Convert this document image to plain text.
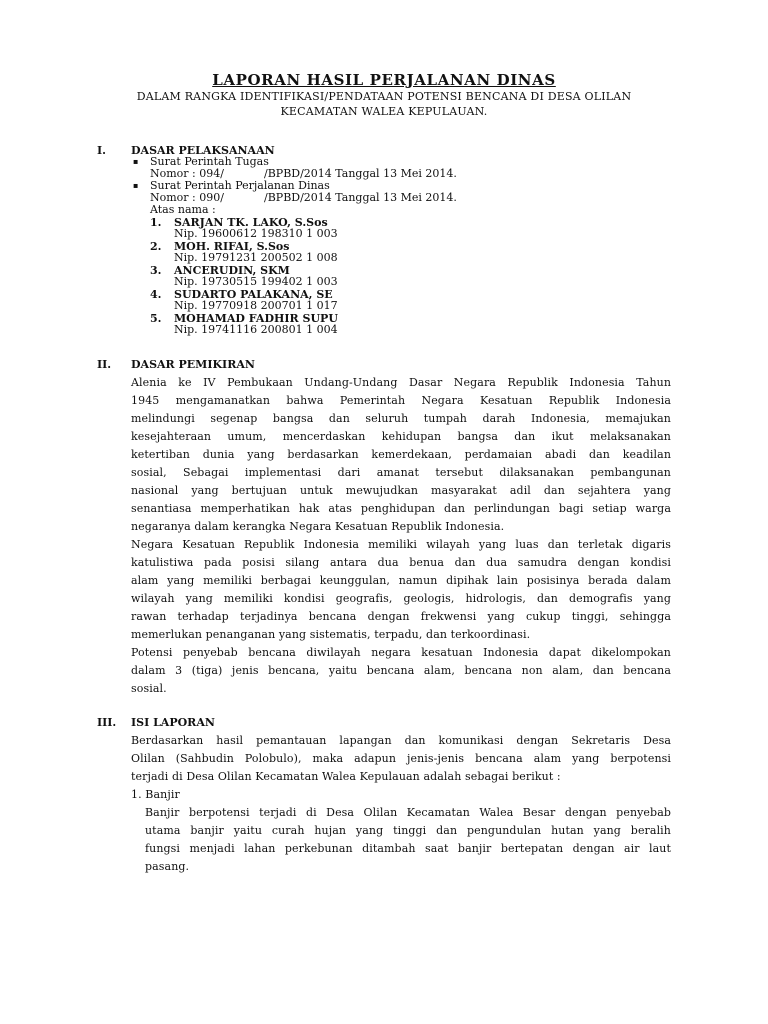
LAPORAN HASIL PERJALANAN DINAS
DALAM RANGKA IDENTIFIKASI/PENDATAAN POTENSI BENCANA DI DESA OLILAN
KECAMATAN WALEA KEPULAUAN.
I. DASAR PELAKSANAAN
▪ Surat Perintah Tugas
Nomor : 094/	/BPBD/2014 Tanggal 13 Mei 2014.
▪ Surat Perintah Perjalanan Dinas
Nomor : 090/	/BPBD/2014 Tanggal 13 Mei 2014.
Atas nama :
1. SARJAN TK. LAKO, S.Sos
Nip. 19600612 198310 1 003
2. MOH. RIFAI, S.Sos
Nip. 19791231 200502 1 008
3. ANCERUDIN, SKM
Nip. 19730515 199402 1 003
4. SUDARTO PALAKANA, SE
Nip. 19770918 200701 1 017
5. MOHAMAD FADHIR SUPU
Nip. 19741116 200801 1 004
II. DASAR PEMIKIRAN
Alenia ke IV Pembukaan Undang-Undang Dasar Negara Republik Indonesia Tahun
1945 mengamanatkan bahwa Pemerintah Negara Kesatuan Republik Indonesia
melindungi segenap bangsa dan seluruh tumpah darah Indonesia, memajukan
kesejahteraan umum, mencerdaskan kehidupan bangsa dan ikut melaksanakan
ketertiban dunia yang berdasarkan kemerdekaan, perdamaian abadi dan keadilan
sosial, Sebagai implementasi dari amanat tersebut dilaksanakan pembangunan
nasional yang bertujuan untuk mewujudkan masyarakat adil dan sejahtera yang
senantiasa memperhatikan hak atas penghidupan dan perlindungan bagi setiap warga
negaranya dalam kerangka Negara Kesatuan Republik Indonesia.
Negara Kesatuan Republik Indonesia memiliki wilayah yang luas dan terletak digaris
katulistiwa pada posisi silang antara dua benua dan dua samudra dengan kondisi
alam yang memiliki berbagai keunggulan, namun dipihak lain posisinya berada dalam
wilayah yang memiliki kondisi geografis, geologis, hidrologis, dan demografis yang
rawan terhadap terjadinya bencana dengan frekwensi yang cukup tinggi, sehingga
memerlukan penanganan yang sistematis, terpadu, dan terkoordinasi.
Potensi penyebab bencana diwilayah negara kesatuan Indonesia dapat dikelompokan
dalam 3 (tiga) jenis bencana, yaitu bencana alam, bencana non alam, dan bencana
sosial.
III. ISI LAPORAN
Berdasarkan hasil pemantauan lapangan dan komunikasi dengan Sekretaris Desa
Olilan (Sahbudin Polobulo), maka adapun jenis-jenis bencana alam yang berpotensi
terjadi di Desa Olilan Kecamatan Walea Kepulauan adalah sebagai berikut :
1. Banjir
Banjir berpotensi terjadi di Desa Olilan Kecamatan Walea Besar dengan penyebab
utama banjir yaitu curah hujan yang tinggi dan pengundulan hutan yang beralih
fungsi menjadi lahan perkebunan ditambah saat banjir bertepatan dengan air laut
pasang.
